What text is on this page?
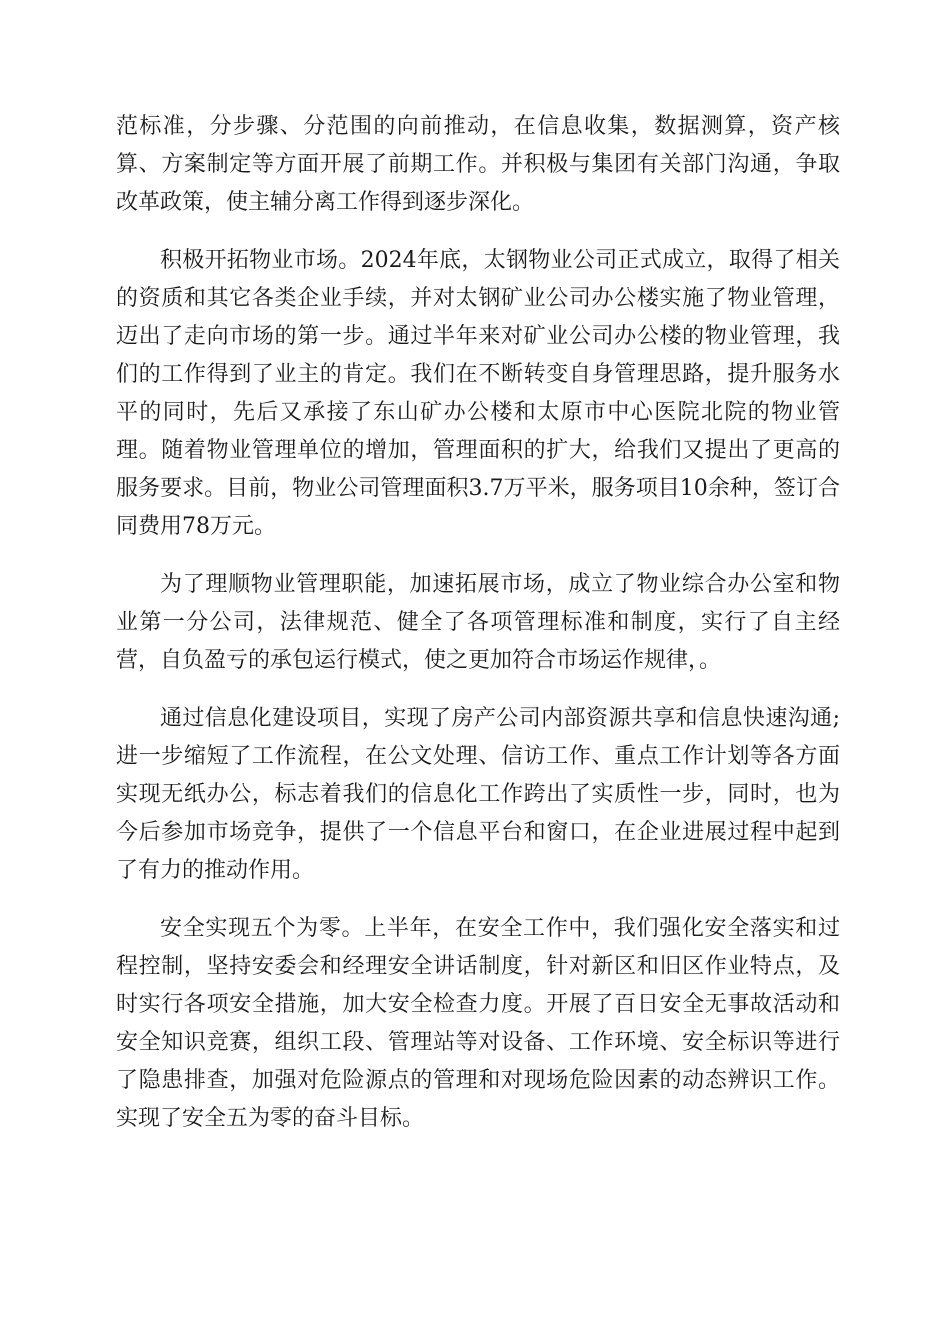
范标准，分步骤、分范围的向前推动，在信息收集，数据测算，资产核算、方案制定等方面开展了前期工作。并积极与集团有关部门沟通，争取改革政策，使主辅分离工作得到逐步深化。

积极开拓物业市场。2024年底，太钢物业公司正式成立，取得了相关的资质和其它各类企业手续，并对太钢矿业公司办公楼实施了物业管理，迈出了走向市场的第一步。通过半年来对矿业公司办公楼的物业管理，我们的工作得到了业主的肯定。我们在不断转变自身管理思路，提升服务水平的同时，先后又承接了东山矿办公楼和太原市中心医院北院的物业管理。随着物业管理单位的增加，管理面积的扩大，给我们又提出了更高的服务要求。目前，物业公司管理面积3.7万平米，服务项目10余种，签订合同费用78万元。

为了理顺物业管理职能，加速拓展市场，成立了物业综合办公室和物业第一分公司，法律规范、健全了各项管理标准和制度，实行了自主经营，自负盈亏的承包运行模式，使之更加符合市场运作规律，。

通过信息化建设项目，实现了房产公司内部资源共享和信息快速沟通;进一步缩短了工作流程，在公文处理、信访工作、重点工作计划等各方面实现无纸办公，标志着我们的信息化工作跨出了实质性一步，同时，也为今后参加市场竞争，提供了一个信息平台和窗口，在企业进展过程中起到了有力的推动作用。

安全实现五个为零。上半年，在安全工作中，我们强化安全落实和过程控制，坚持安委会和经理安全讲话制度，针对新区和旧区作业特点，及时实行各项安全措施，加大安全检查力度。开展了百日安全无事故活动和安全知识竞赛，组织工段、管理站等对设备、工作环境、安全标识等进行了隐患排查，加强对危险源点的管理和对现场危险因素的动态辨识工作。实现了安全五为零的奋斗目标。
